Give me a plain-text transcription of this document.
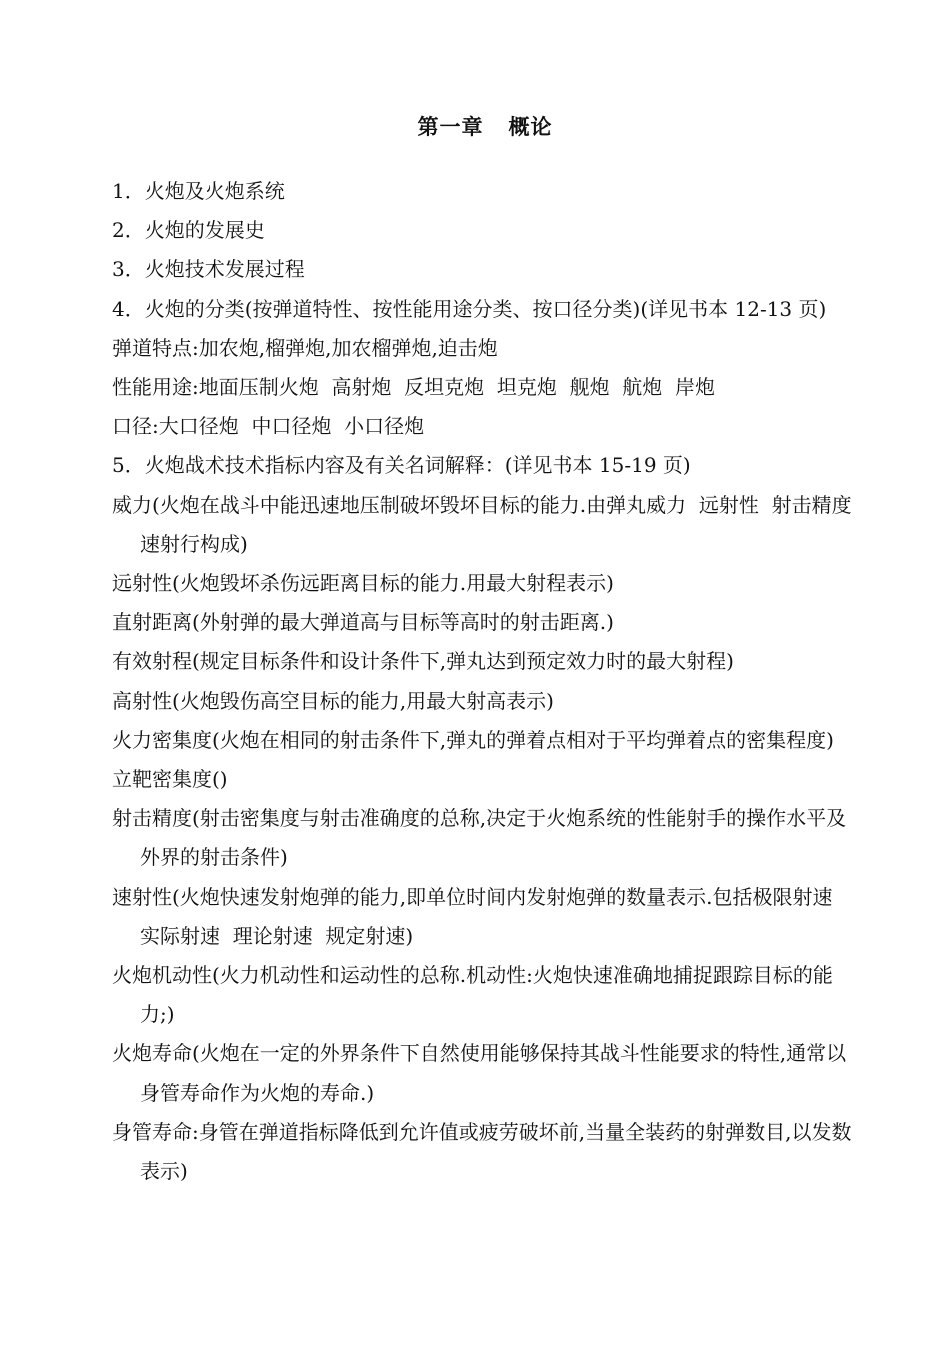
第一章   概论

1．火炮及火炮系统

2．火炮的发展史

3．火炮技术发展过程

4．火炮的分类(按弹道特性、按性能用途分类、按口径分类)(详见书本 12-13 页)

弹道特点:加农炮,榴弹炮,加农榴弹炮,迫击炮

性能用途:地面压制火炮  高射炮  反坦克炮  坦克炮  舰炮  航炮  岸炮

口径:大口径炮  中口径炮  小口径炮

5．火炮战术技术指标内容及有关名词解释：(详见书本 15-19 页)

威力(火炮在战斗中能迅速地压制破坏毁坏目标的能力.由弹丸威力  远射性  射击精度  速射行构成)

远射性(火炮毁坏杀伤远距离目标的能力.用最大射程表示)

直射距离(外射弹的最大弹道高与目标等高时的射击距离.)

有效射程(规定目标条件和设计条件下,弹丸达到预定效力时的最大射程)

高射性(火炮毁伤高空目标的能力,用最大射高表示)

火力密集度(火炮在相同的射击条件下,弹丸的弹着点相对于平均弹着点的密集程度)

立靶密集度()

射击精度(射击密集度与射击准确度的总称,决定于火炮系统的性能射手的操作水平及外界的射击条件)

速射性(火炮快速发射炮弹的能力,即单位时间内发射炮弹的数量表示.包括极限射速  实际射速  理论射速  规定射速)

火炮机动性(火力机动性和运动性的总称.机动性:火炮快速准确地捕捉跟踪目标的能力;)

火炮寿命(火炮在一定的外界条件下自然使用能够保持其战斗性能要求的特性,通常以身管寿命作为火炮的寿命.)

身管寿命:身管在弹道指标降低到允许值或疲劳破坏前,当量全装药的射弹数目,以发数表示)
